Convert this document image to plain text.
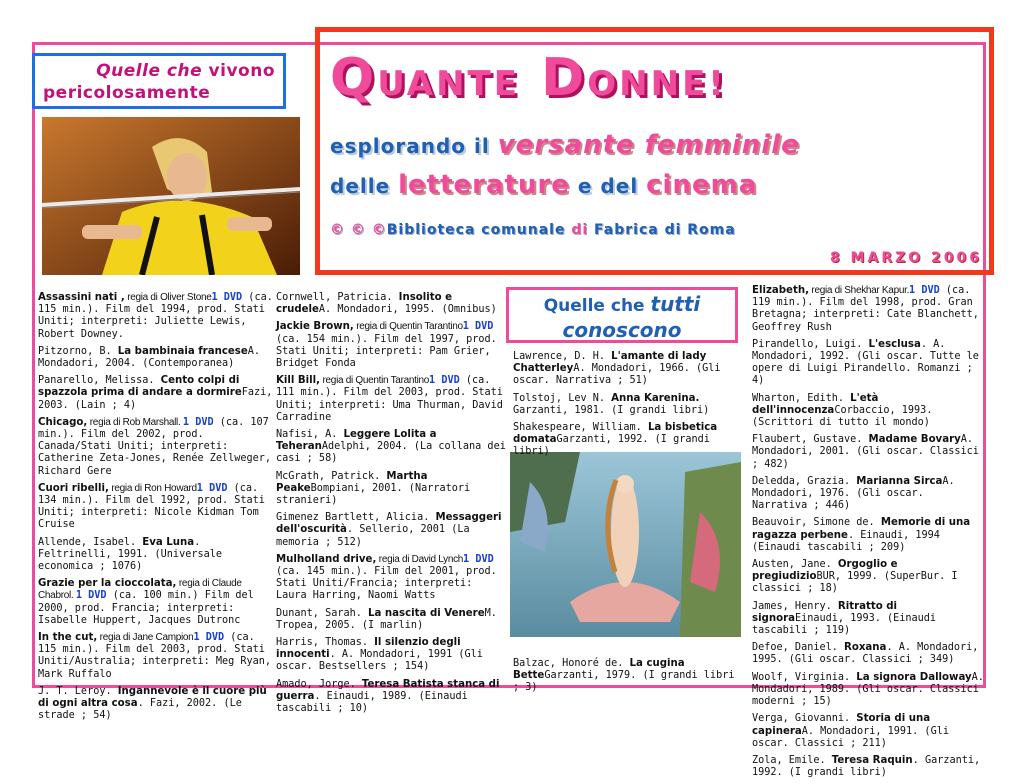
Quelle che vivono
pericolosamente	QUANTE DONNE!
esplorando il versante femminile
delle letterature e del cinema
© © ©Biblioteca comunale di Fabrica di Roma
8 MARZO 2006
Quelle che tutti
conoscono
Assassini nati , regia di Oliver Stone1 DVD (ca. 115 min.). Film del 1994, prod. Stati Uniti; interpreti: Juliette Lewis, Robert Downey.
Pitzorno, B. La bambinaia franceseA. Mondadori, 2004. (Contemporanea)
Panarello, Melissa. Cento colpi di spazzola prima di andare a dormireFazi, 2003. (Lain ; 4)
Chicago, regia di Rob Marshall. 1 DVD (ca. 107 min.). Film del 2002, prod. Canada/Stati Uniti; interpreti: Catherine Zeta-Jones, Renée Zellweger, Richard Gere
Cuori ribelli, regia di Ron Howard1 DVD (ca. 134 min.). Film del 1992, prod. Stati Uniti; interpreti: Nicole Kidman Tom Cruise
Allende, Isabel. Eva Luna. Feltrinelli, 1991. (Universale economica ; 1076)
Grazie per la cioccolata, regia di Claude Chabrol. 1 DVD (ca. 100 min.) Film del 2000, prod. Francia; interpreti: Isabelle Huppert, Jacques Dutronc
In the cut, regia di Jane Campion1 DVD (ca. 115 min.). Film del 2003, prod. Stati Uniti/Australia; interpreti: Meg Ryan, Mark Ruffalo
J. T. Leroy. Ingannevole è il cuore più di ogni altra cosa. Fazi, 2002. (Le strade ; 54)
Cornwell, Patricia. Insolito e crudeleA. Mondadori, 1995. (Omnibus)
Jackie Brown, regia di Quentin Tarantino1 DVD (ca. 154 min.). Film del 1997, prod. Stati Uniti; interpreti: Pam Grier, Bridget Fonda
Kill Bill, regia di Quentin Tarantino1 DVD (ca. 111 min.). Film del 2003, prod. Stati Uniti; interpreti: Uma Thurman, David Carradine
Nafisi, A. Leggere Lolita a TeheranAdelphi, 2004. (La collana dei casi ; 58)
McGrath, Patrick. Martha PeakeBompiani, 2001. (Narratori stranieri)
Gimenez Bartlett, Alicia. Messaggeri dell'oscurità. Sellerio, 2001 (La memoria ; 512)
Mulholland drive, regia di David Lynch1 DVD (ca. 145 min.). Film del 2001, prod. Stati Uniti/Francia; interpreti: Laura Harring, Naomi Watts
Dunant, Sarah. La nascita di VenereM. Tropea, 2005. (I marlin)
Harris, Thomas. Il silenzio degli innocenti. A. Mondadori, 1991 (Gli oscar. Bestsellers ; 154)
Amado, Jorge. Teresa Batista stanca di guerra. Einaudi, 1989. (Einaudi tascabili ; 10)
Lawrence, D. H. L'amante di lady ChatterleyA. Mondadori, 1966. (Gli oscar. Narrativa ; 51)
Tolstoj, Lev N. Anna Karenina. Garzanti, 1981. (I grandi libri)
Shakespeare, William. La bisbetica domataGarzanti, 1992. (I grandi libri)
Balzac, Honoré de. La cugina BetteGarzanti, 1979. (I grandi libri ; 3)
Elizabeth, regia di Shekhar Kapur.1 DVD (ca. 119 min.). Film del 1998, prod. Gran Bretagna; interpreti: Cate Blanchett, Geoffrey Rush
Pirandello, Luigi. L'esclusa. A. Mondadori, 1992. (Gli oscar. Tutte le opere di Luigi Pirandello. Romanzi ; 4)
Wharton, Edith. L'età dell'innocenzaCorbaccio, 1993. (Scrittori di tutto il mondo)
Flaubert, Gustave. Madame BovaryA. Mondadori, 2001. (Gli oscar. Classici ; 482)
Deledda, Grazia. Marianna SircaA. Mondadori, 1976. (Gli oscar. Narrativa ; 446)
Beauvoir, Simone de. Memorie di una ragazza perbene. Einaudi, 1994 (Einaudi tascabili ; 209)
Austen, Jane. Orgoglio e pregiudizioBUR, 1999. (SuperBur. I classici ; 18)
James, Henry. Ritratto di signoraEinaudi, 1993. (Einaudi tascabili ; 119)
Defoe, Daniel. Roxana. A. Mondadori, 1995. (Gli oscar. Classici ; 349)
Woolf, Virginia. La signora DallowayA. Mondadori, 1989. (Gli oscar. Classici moderni ; 15)
Verga, Giovanni. Storia di una capineraA. Mondadori, 1991. (Gli oscar. Classici ; 211)
Zola, Emile. Teresa Raquin. Garzanti, 1992. (I grandi libri)
